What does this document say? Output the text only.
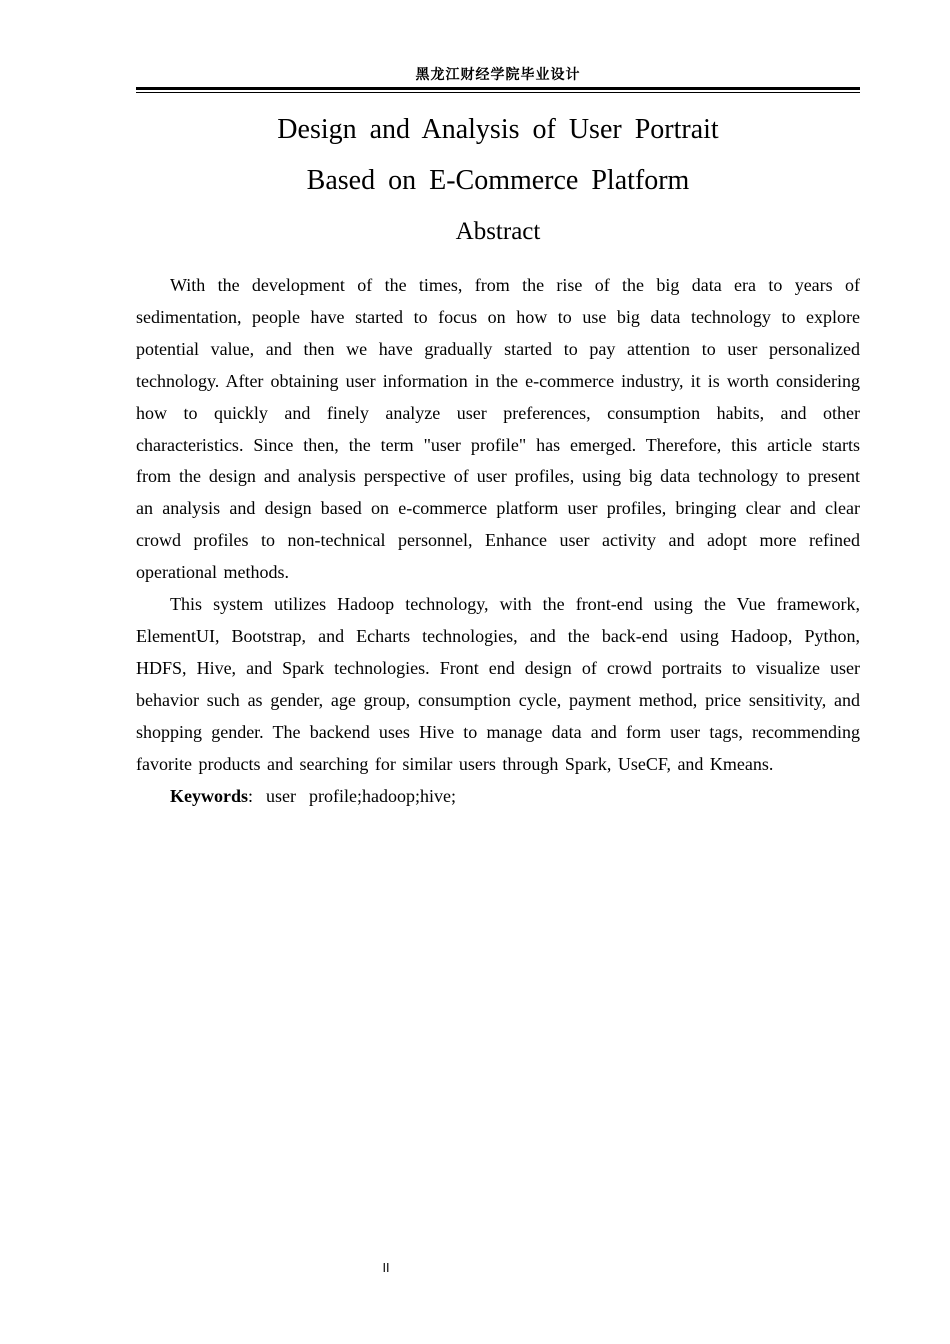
黑龙江财经学院毕业设计
Design and Analysis of User Portrait
Based on E-Commerce Platform
Abstract

With the development of the times, from the rise of the big data era to years of sedimentation, people have started to focus on how to use big data technology to explore potential value, and then we have gradually started to pay attention to user personalized technology. After obtaining user information in the e-commerce industry, it is worth considering how to quickly and finely analyze user preferences, consumption habits, and other characteristics. Since then, the term "user profile" has emerged. Therefore, this article starts from the design and analysis perspective of user profiles, using big data technology to present an analysis and design based on e-commerce platform user profiles, bringing clear and clear crowd profiles to non-technical personnel, Enhance user activity and adopt more refined operational methods.

This system utilizes Hadoop technology, with the front-end using the Vue framework, ElementUI, Bootstrap, and Echarts technologies, and the back-end using Hadoop, Python, HDFS, Hive, and Spark technologies. Front end design of crowd portraits to visualize user behavior such as gender, age group, consumption cycle, payment method, price sensitivity, and shopping gender. The backend uses Hive to manage data and form user tags, recommending favorite products and searching for similar users through Spark, UseCF, and Kmeans.

Keywords:  user  profile;hadoop;hive;

II
